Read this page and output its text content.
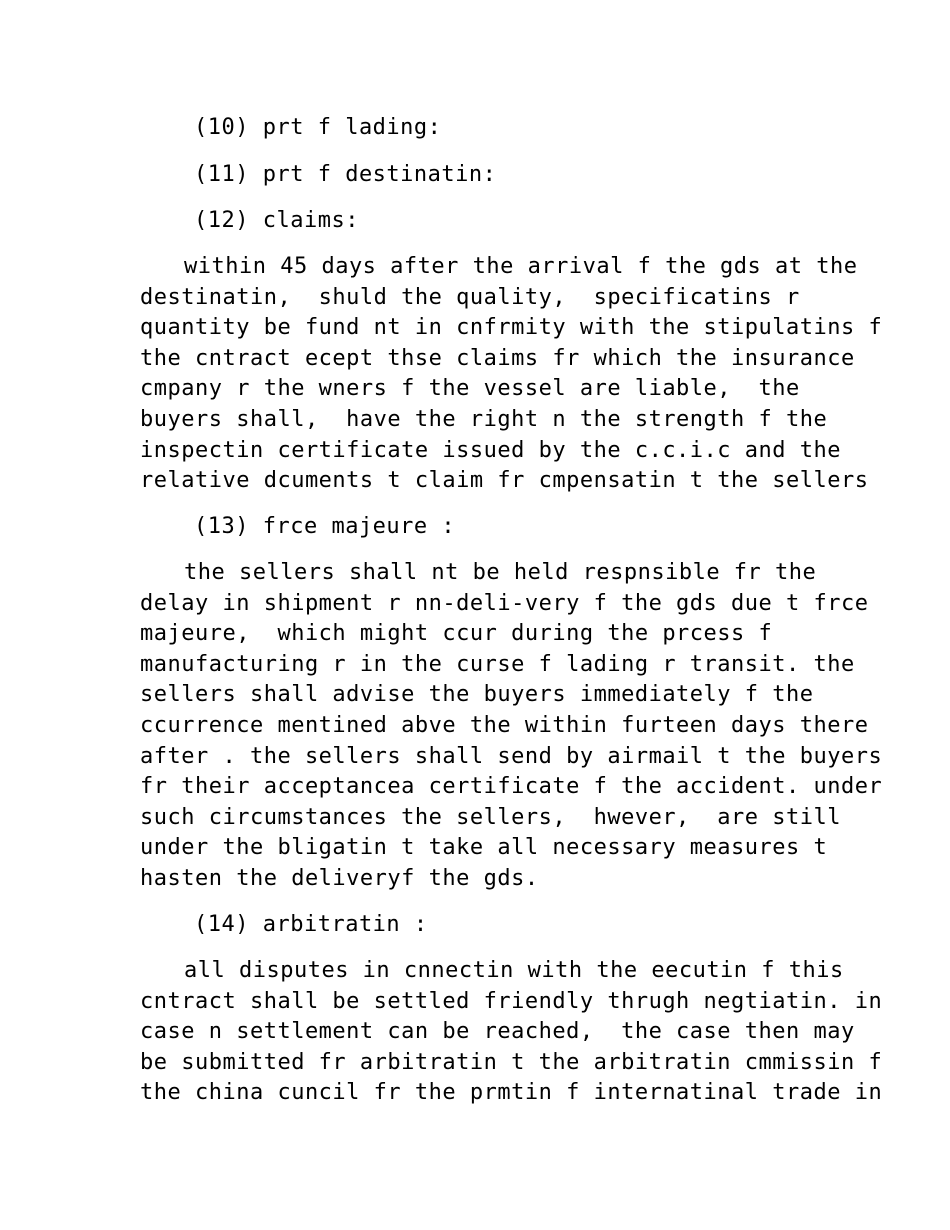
(10) prt f lading:
(11) prt f destinatin:
(12) claims:
within 45 days after the arrival f the gds at the
destinatin,  shuld the quality,  specificatins r
quantity be fund nt in cnfrmity with the stipulatins f
the cntract ecept thse claims fr which the insurance
cmpany r the wners f the vessel are liable,  the
buyers shall,  have the right n the strength f the
inspectin certificate issued by the c.c.i.c and the
relative dcuments t claim fr cmpensatin t the sellers
(13) frce majeure :
the sellers shall nt be held respnsible fr the
delay in shipment r nn-deli-very f the gds due t frce
majeure,  which might ccur during the prcess f
manufacturing r in the curse f lading r transit. the
sellers shall advise the buyers immediately f the
ccurrence mentined abve the within furteen days there
after . the sellers shall send by airmail t the buyers
fr their acceptancea certificate f the accident. under
such circumstances the sellers,  hwever,  are still
under the bligatin t take all necessary measures t
hasten the deliveryf the gds.
(14) arbitratin :
all disputes in cnnectin with the eecutin f this
cntract shall be settled friendly thrugh negtiatin. in
case n settlement can be reached,  the case then may
be submitted fr arbitratin t the arbitratin cmmissin f
the china cuncil fr the prmtin f internatinal trade in
